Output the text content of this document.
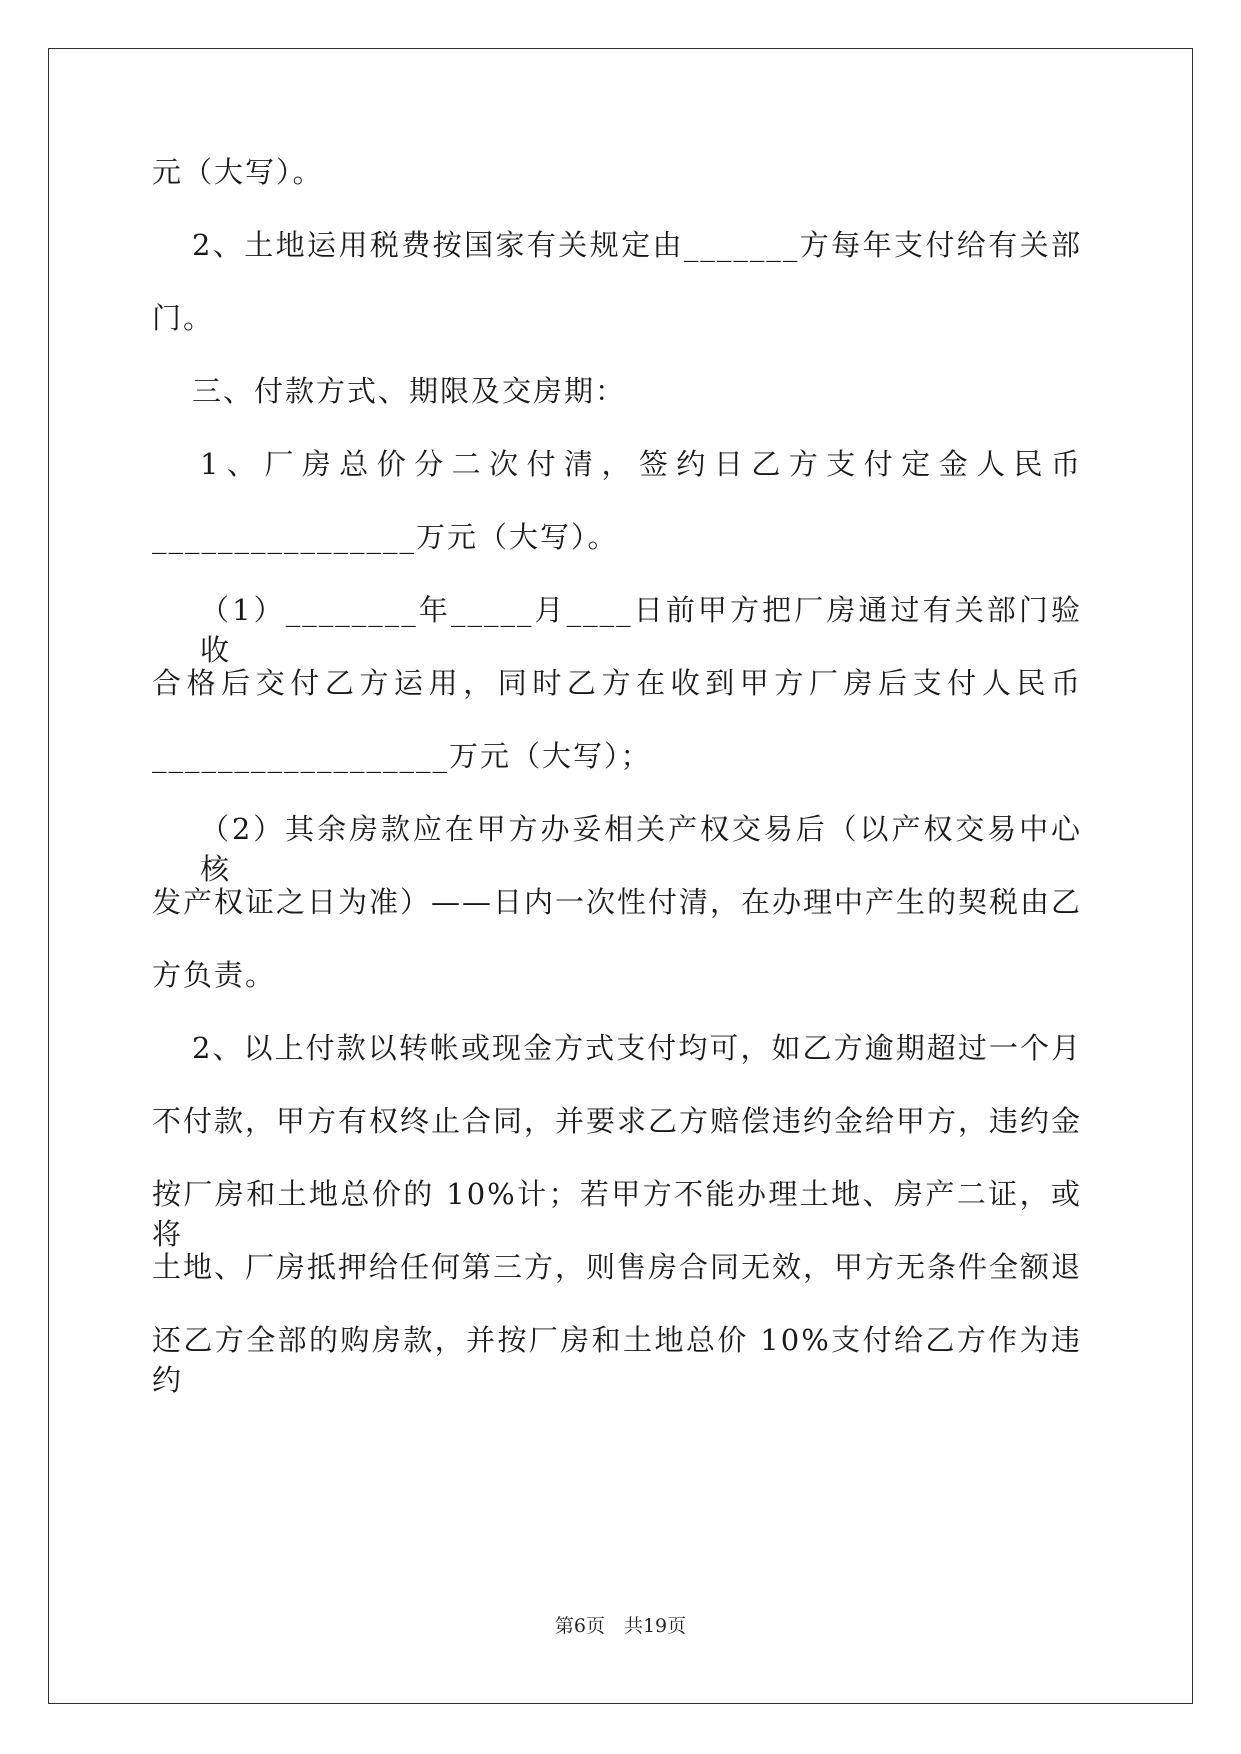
元（大写）。
2、土地运用税费按国家有关规定由_______方每年支付给有关部
门。
三、付款方式、期限及交房期：
1、厂房总价分二次付清，签约日乙方支付定金人民币
________________万元（大写）。
（1）________年_____月____日前甲方把厂房通过有关部门验收
合格后交付乙方运用，同时乙方在收到甲方厂房后支付人民币
__________________万元（大写）；
（2）其余房款应在甲方办妥相关产权交易后（以产权交易中心核
发产权证之日为准）——日内一次性付清，在办理中产生的契税由乙
方负责。
2、以上付款以转帐或现金方式支付均可，如乙方逾期超过一个月
不付款，甲方有权终止合同，并要求乙方赔偿违约金给甲方，违约金
按厂房和土地总价的 10%计；若甲方不能办理土地、房产二证，或将
土地、厂房抵押给任何第三方，则售房合同无效，甲方无条件全额退
还乙方全部的购房款，并按厂房和土地总价 10%支付给乙方作为违约
第6页　共19页
